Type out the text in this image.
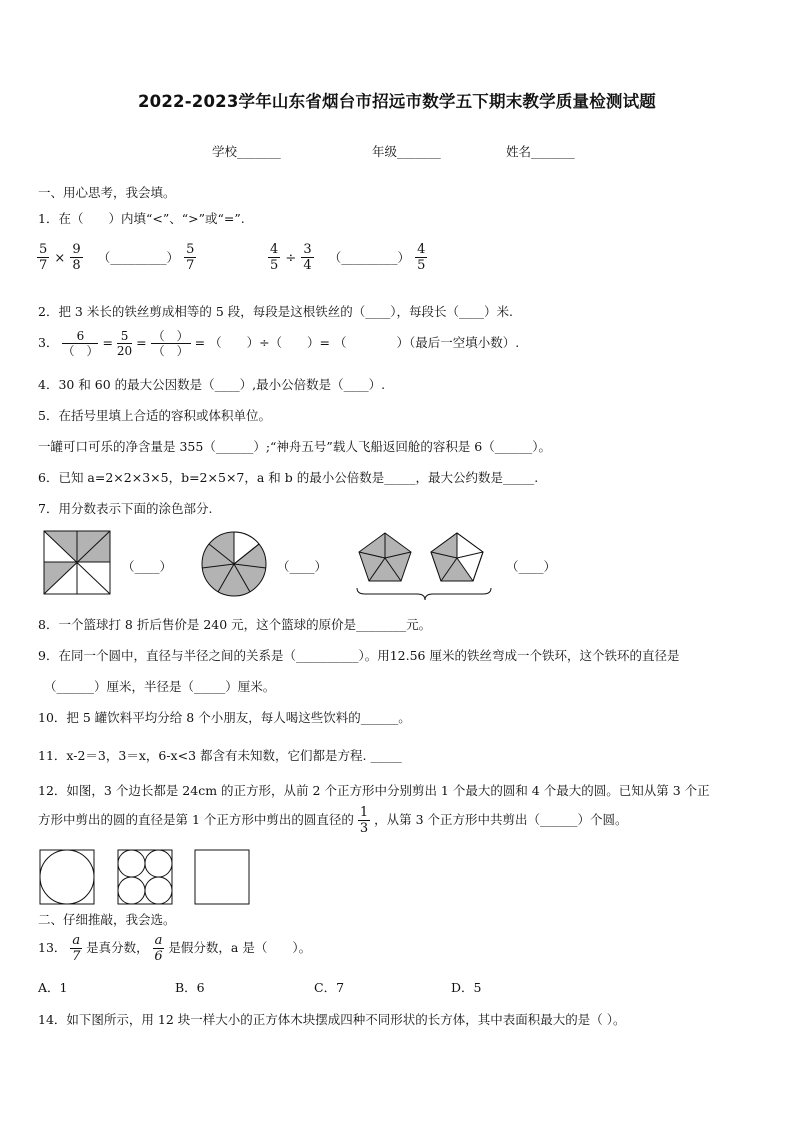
2022-2023学年山东省烟台市招远市数学五下期末教学质量检测试题
学校_______	年级_______	姓名_______
一、用心思考，我会填。
1．在（　　）内填“<”、“>”或“=”.
$\frac{5}{7} \times \frac{9}{8}$ （_________） $\frac{5}{7}$	$\frac{4}{5} \div \frac{3}{4}$ （_________） $\frac{4}{5}$
2．把 3 米长的铁丝剪成相等的 5 段，每段是这根铁丝的（____），每段长（____）米.
3． $\frac{6}{( )} = \frac{5}{20} = \frac{( )}{( )}$ = （　　）÷（　　）= （　　　　）（最后一空填小数）.
4．30 和 60 的最大公因数是（____）,最小公倍数是（____）.
5．在括号里填上合适的容积或体积单位。
一罐可口可乐的净含量是 355（______）;“神舟五号”载人飞船返回舱的容积是 6（______）。
6．已知 a=2×2×3×5，b=2×5×7，a 和 b 的最小公倍数是_____，最大公约数是_____.
7．用分数表示下面的涂色部分.
（____）	（____）	（____）
8．一个篮球打 8 折后售价是 240 元，这个篮球的原价是________元。
9．在同一个圆中，直径与半径之间的关系是（__________）。用12.56 厘米的铁丝弯成一个铁环，这个铁环的直径是
（______）厘米，半径是（_____）厘米。
10．把 5 罐饮料平均分给 8 个小朋友，每人喝这些饮料的______。
11．x-2＝3，3＝x，6-x<3 都含有未知数，它们都是方程. _____
12．如图，3 个边长都是 24cm 的正方形，从前 2 个正方形中分别剪出 1 个最大的圆和 4 个最大的圆。已知从第 3 个正
方形中剪出的圆的直径是第 1 个正方形中剪出的圆直径的 $\frac{1}{3}$ ，从第 3 个正方形中共剪出（______）个圆。
二、仔细推敲，我会选。
13． $\frac{a}{7}$ 是真分数， $\frac{a}{6}$ 是假分数，a 是（　　）。
A．1	B．6	C．7	D．5
14．如下图所示，用 12 块一样大小的正方体木块摆成四种不同形状的长方体，其中表面积最大的是（ ）。
